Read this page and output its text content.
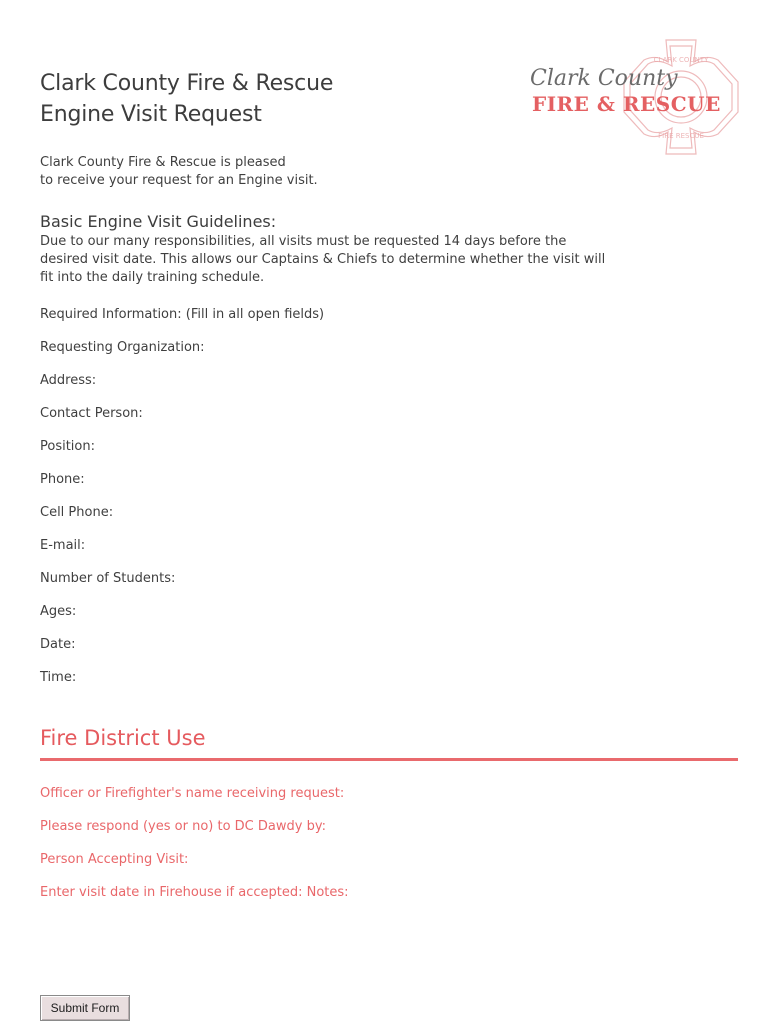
Clark County Fire & Rescue
Engine Visit Request
CLARK COUNTY
FIRE RESCUE
Clark County
FIRE & RESCUE
Clark County Fire & Rescue is pleased
to receive your request for an Engine visit.
Basic Engine Visit Guidelines:
Due to our many responsibilities, all visits must be requested 14 days before the
desired visit date. This allows our Captains & Chiefs to determine whether the visit will
fit into the daily training schedule.
Required Information: (Fill in all open fields)
Requesting Organization:
Address:
Contact Person:
Position:
Phone:
Cell Phone:
E-mail:
Number of Students:
Ages:
Date:
Time:
Fire District Use
Officer or Firefighter's name receiving request:
Please respond (yes or no) to DC Dawdy by:
Person Accepting Visit:
Enter visit date in Firehouse if accepted: Notes:
Submit Form
